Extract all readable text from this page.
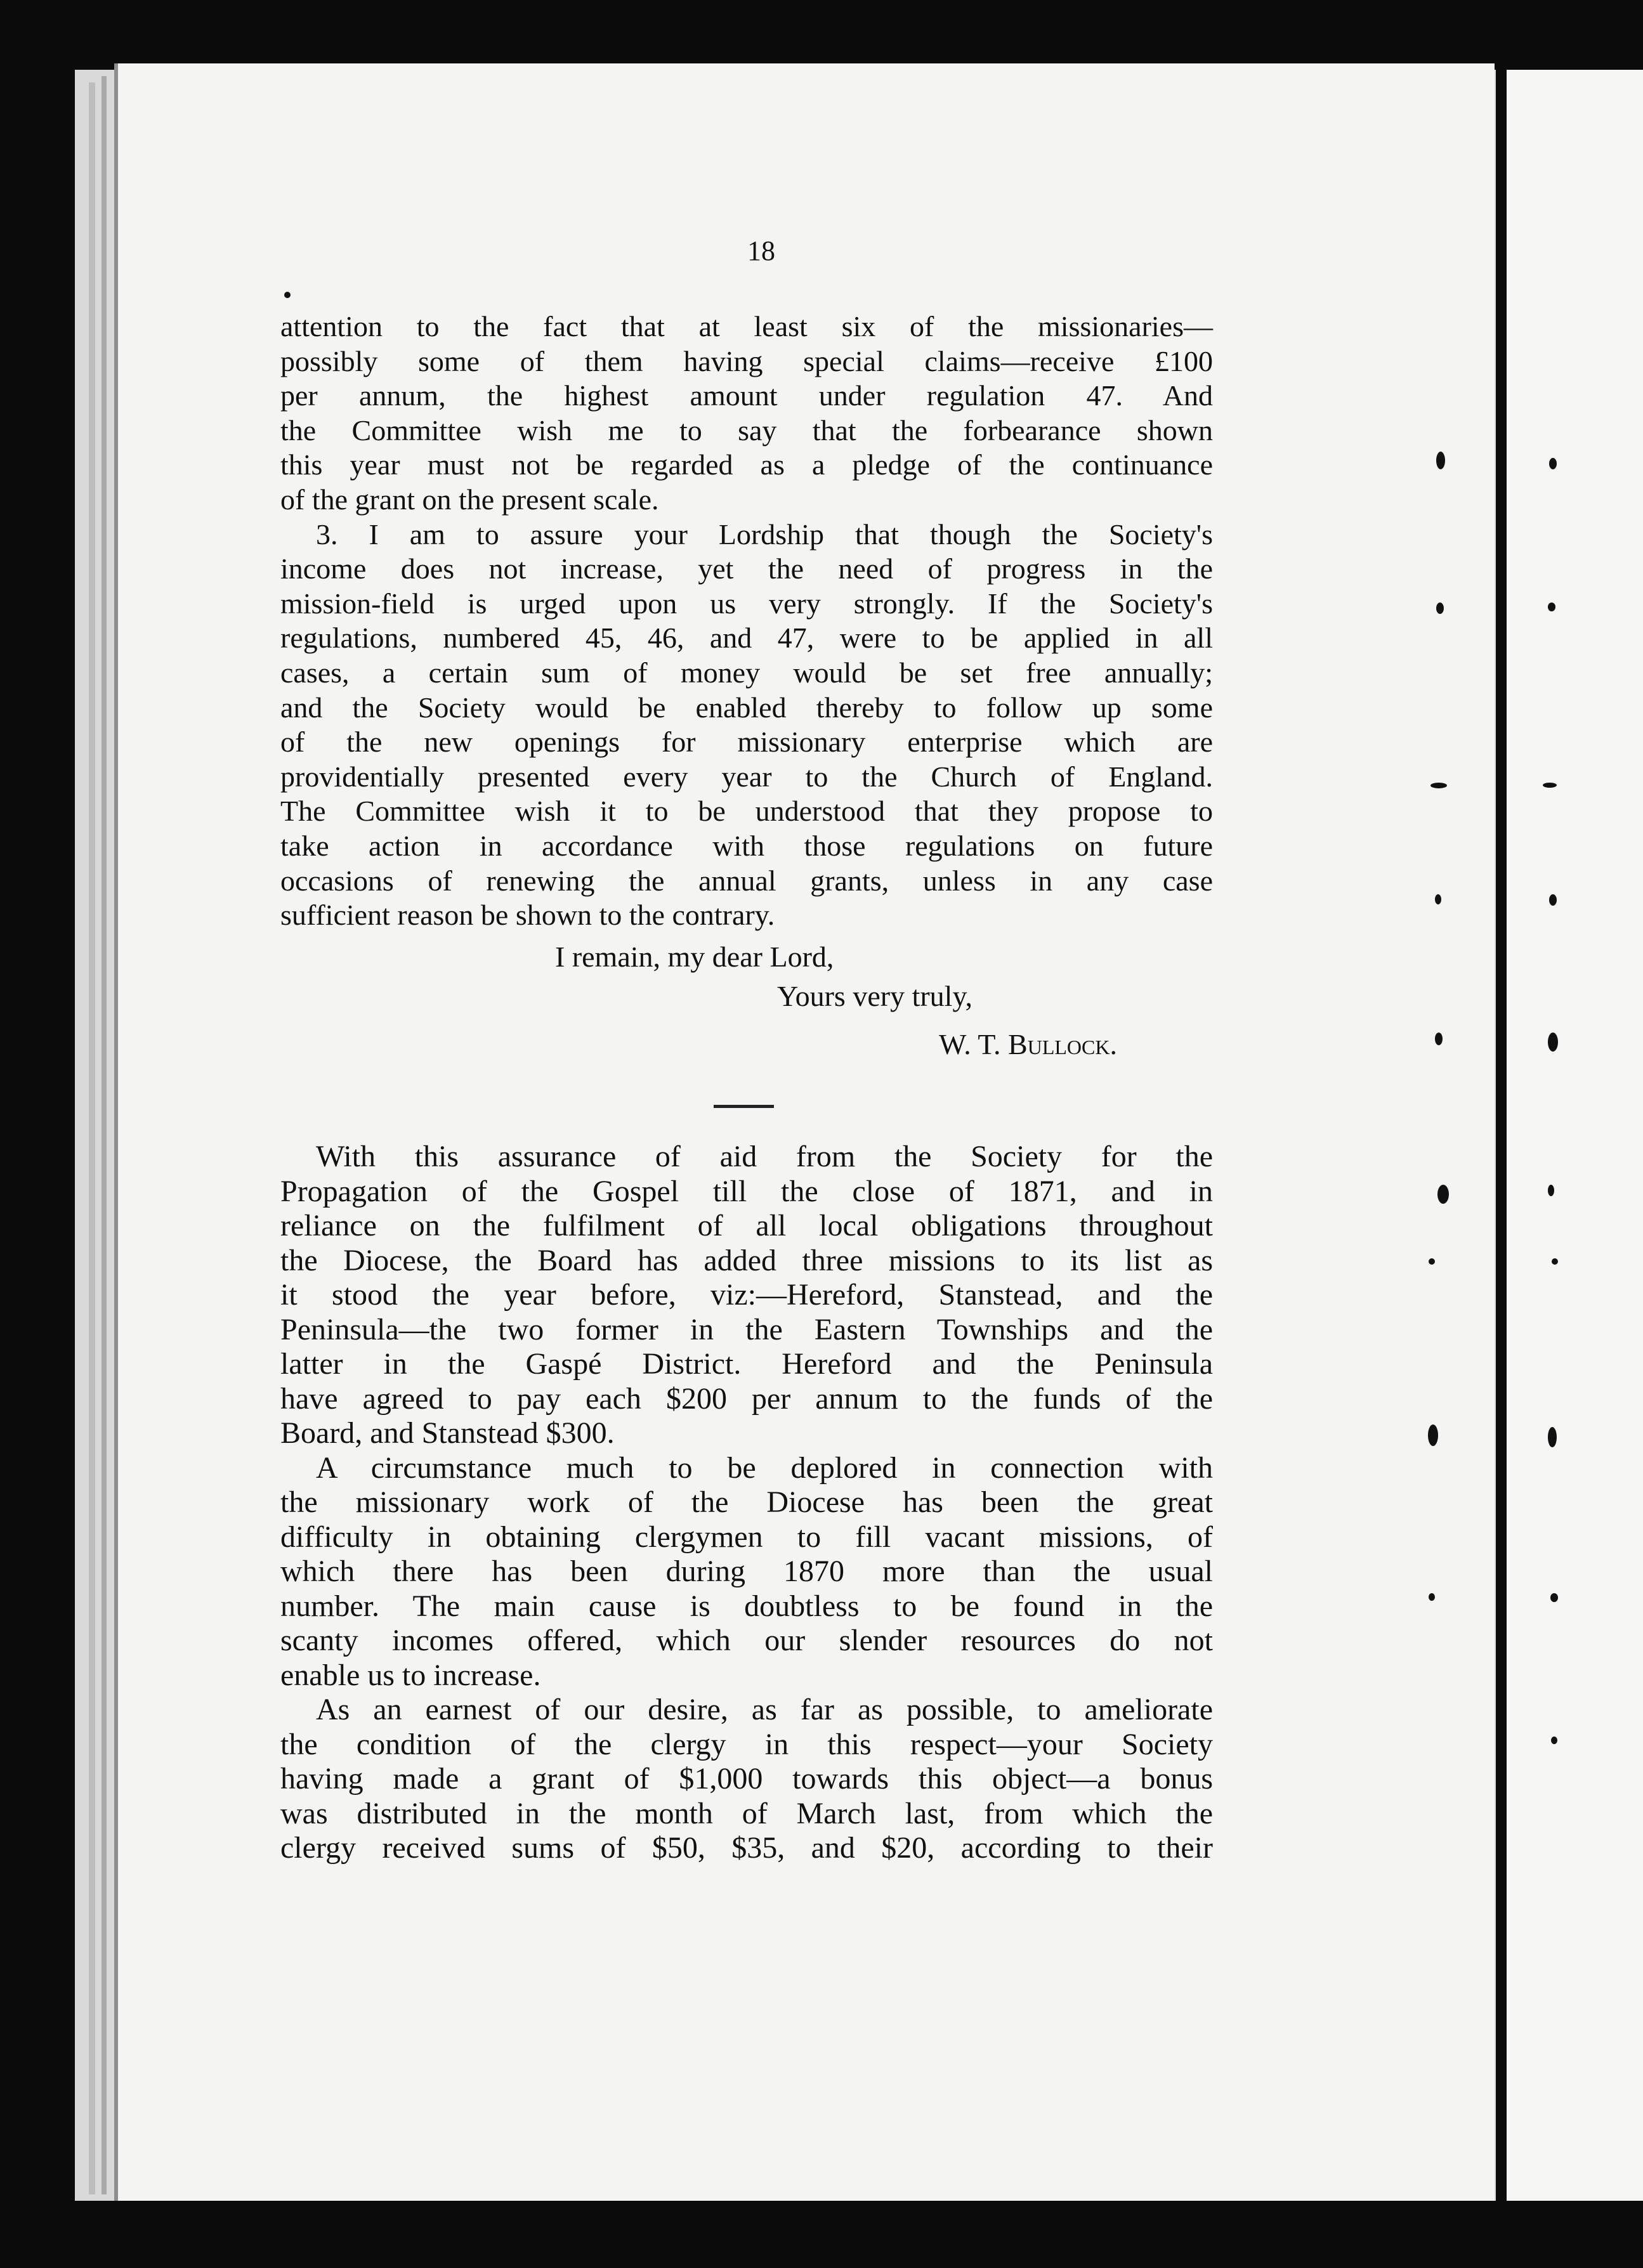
18
attention to the fact that at least six of the missionaries—
possibly some of them having special claims—receive £100
per annum, the highest amount under regulation 47. And
the Committee wish me to say that the forbearance shown
this year must not be regarded as a pledge of the continuance
of the grant on the present scale.
3. I am to assure your Lordship that though the Society's
income does not increase, yet the need of progress in the
mission-field is urged upon us very strongly. If the Society's
regulations, numbered 45, 46, and 47, were to be applied in all
cases, a certain sum of money would be set free annually;
and the Society would be enabled thereby to follow up some
of the new openings for missionary enterprise which are
providentially presented every year to the Church of England.
The Committee wish it to be understood that they propose to
take action in accordance with those regulations on future
occasions of renewing the annual grants, unless in any case
sufficient reason be shown to the contrary.
I remain, my dear Lord,
Yours very truly,
W. T. Bullock.
With this assurance of aid from the Society for the
Propagation of the Gospel till the close of 1871, and in
reliance on the fulfilment of all local obligations throughout
the Diocese, the Board has added three missions to its list as
it stood the year before, viz:—Hereford, Stanstead, and the
Peninsula—the two former in the Eastern Townships and the
latter in the Gaspé District. Hereford and the Peninsula
have agreed to pay each $200 per annum to the funds of the
Board, and Stanstead $300.
A circumstance much to be deplored in connection with
the missionary work of the Diocese has been the great
difficulty in obtaining clergymen to fill vacant missions, of
which there has been during 1870 more than the usual
number. The main cause is doubtless to be found in the
scanty incomes offered, which our slender resources do not
enable us to increase.
As an earnest of our desire, as far as possible, to ameliorate
the condition of the clergy in this respect—your Society
having made a grant of $1,000 towards this object—a bonus
was distributed in the month of March last, from which the
clergy received sums of $50, $35, and $20, according to their
